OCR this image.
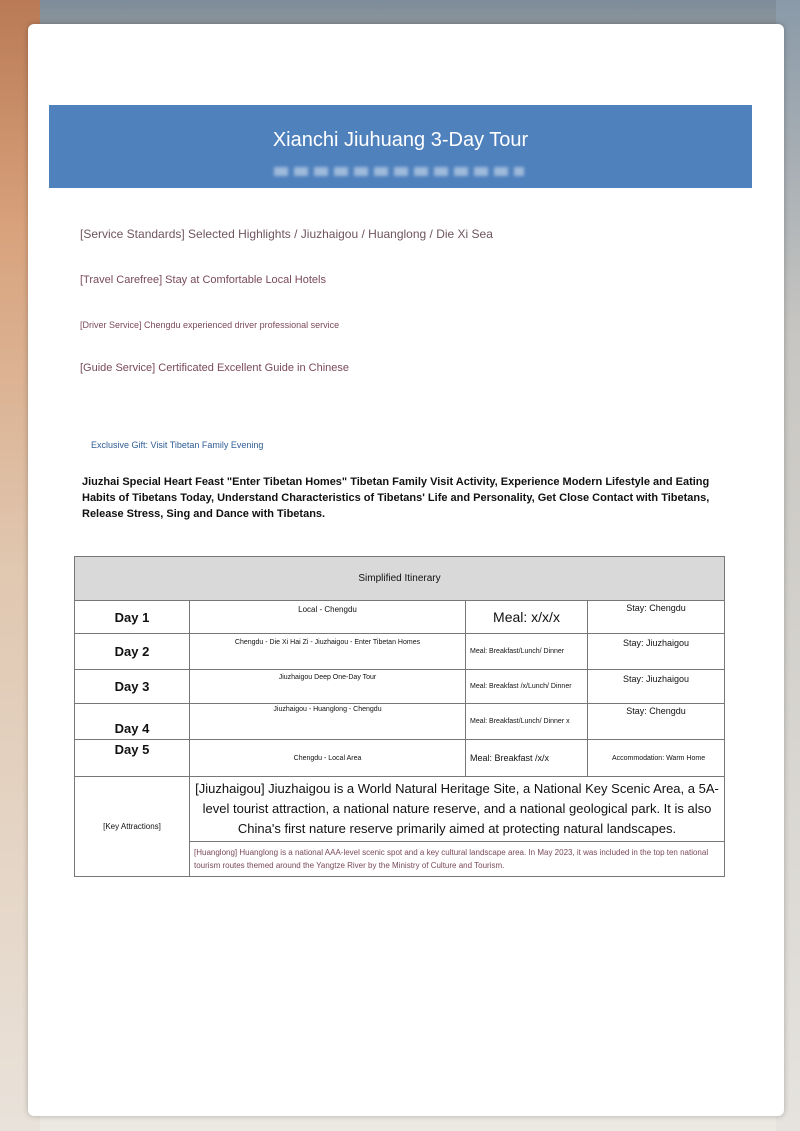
Xianchi Jiuhuang 3-Day Tour
[Service Standards] Selected Highlights / Jiuzhaigou / Huanglong / Die Xi Sea
[Travel Carefree] Stay at Comfortable Local Hotels
[Driver Service] Chengdu experienced driver professional service
[Guide Service] Certificated Excellent Guide in Chinese
Exclusive Gift: Visit Tibetan Family Evening
Jiuzhai Special Heart Feast "Enter Tibetan Homes" Tibetan Family Visit Activity, Experience Modern Lifestyle and Eating Habits of Tibetans Today, Understand Characteristics of Tibetans' Life and Personality, Get Close Contact with Tibetans, Release Stress, Sing and Dance with Tibetans.
Simplified Itinerary			
Day 1	Local - Chengdu	Meal: x/x/x	Stay: Chengdu
Day 2	Chengdu - Die Xi Hai Zi - Jiuzhaigou - Enter Tibetan Homes	Meal: Breakfast/Lunch/ Dinner	Stay: Jiuzhaigou
Day 3	Jiuzhaigou Deep One-Day Tour	Meal: Breakfast /x/Lunch/ Dinner	Stay: Jiuzhaigou
Day 4	Jiuzhaigou - Huanglong - Chengdu	Meal: Breakfast/Lunch/ Dinner x	Stay: Chengdu
Day 5	Chengdu - Local Area	Meal: Breakfast /x/x	Accommodation: Warm Home
[Key Attractions]	[Jiuzhaigou] Jiuzhaigou is a World Natural Heritage Site, a National Key Scenic Area, a 5A-level tourist attraction, a national nature reserve, and a national geological park. It is also China's first nature reserve primarily aimed at protecting natural landscapes.		
	[Huanglong] Huanglong is a national AAA-level scenic spot and a key cultural landscape area. In May 2023, it was included in the top ten national tourism routes themed around the Yangtze River by the Ministry of Culture and Tourism.		
